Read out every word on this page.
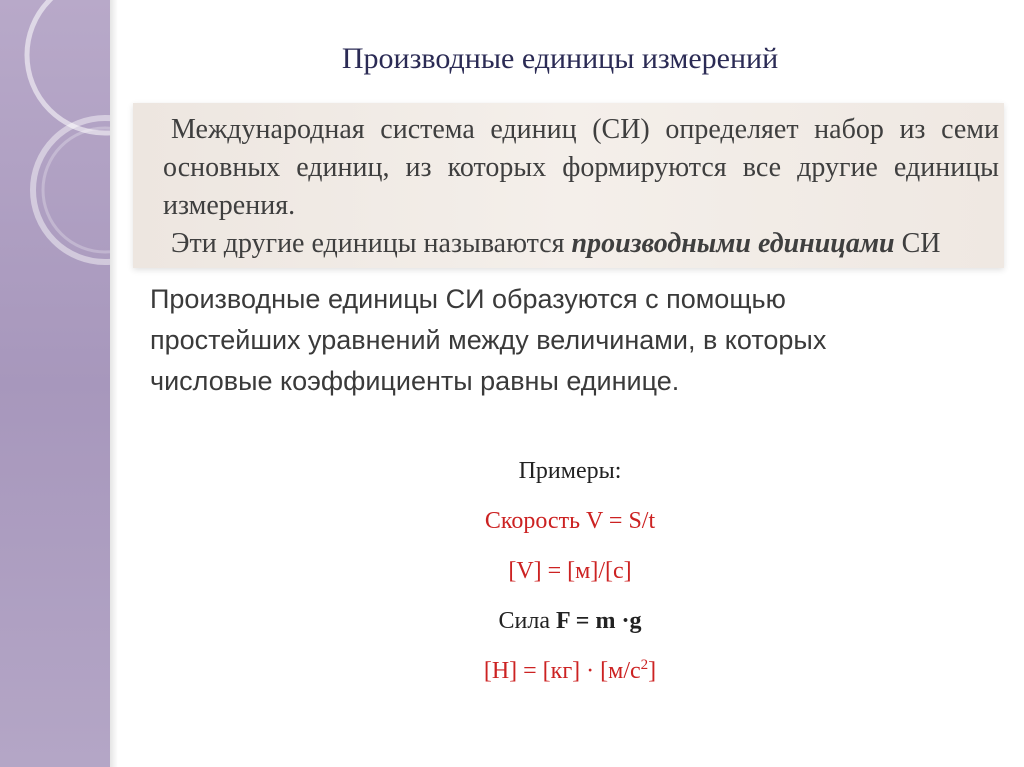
Производные единицы измерений

Международная система единиц (СИ) определяет набор из семи основных единиц, из которых формируются все другие единицы измерения.

Эти другие единицы называются производными единицами СИ

Производные единицы СИ образуются с помощью
простейших уравнений между величинами, в которых
числовые коэффициенты равны единице.
Примеры:
Скорость V = S/t
[V] = [м]/[с]
Сила F = m ·g
$[Н] = [кг] \cdot [м/с^2]$
